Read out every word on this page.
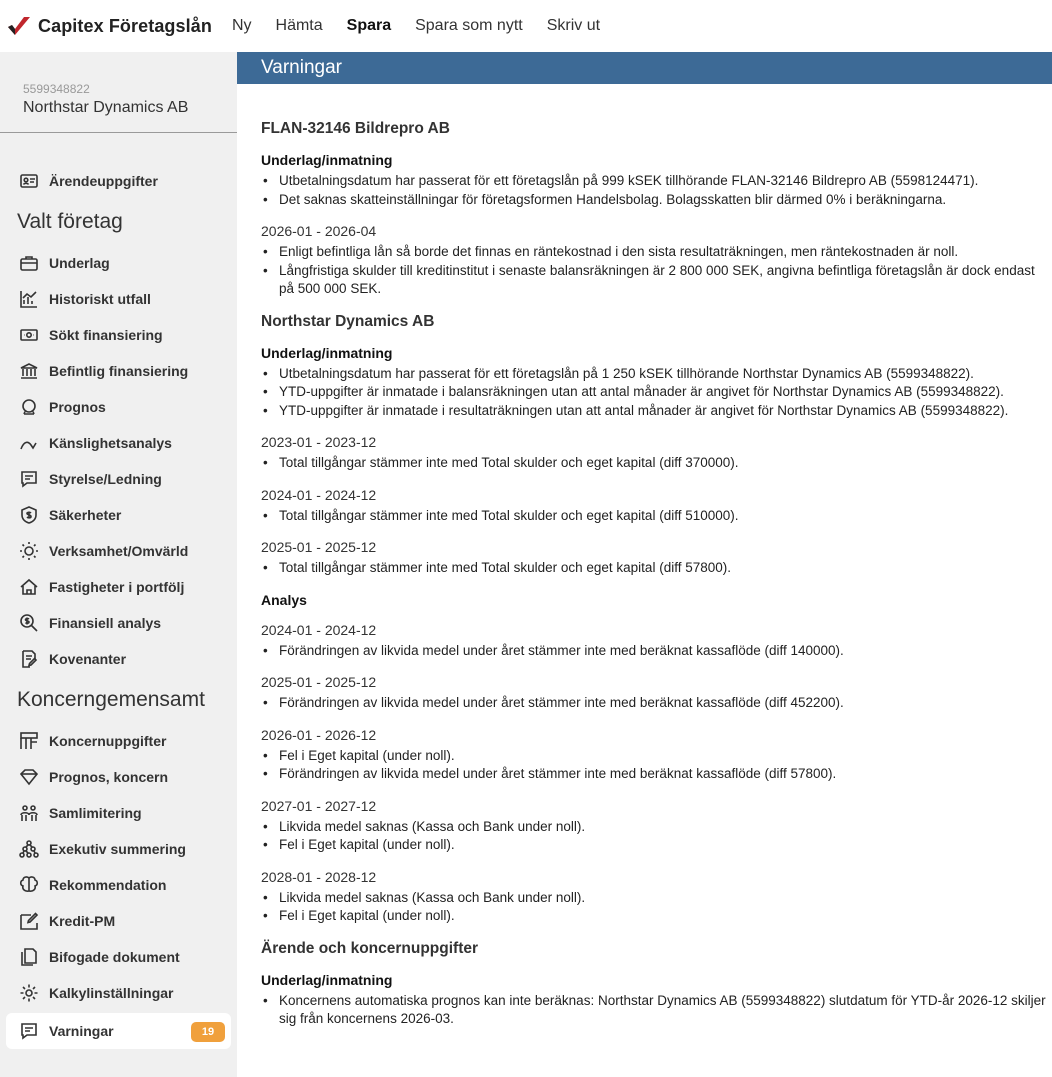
Capitex Företagslån Ny Hämta Spara Spara som nytt Skriv ut
5599348822
Northstar Dynamics AB
Ärendeuppgifter
Valt företag
Underlag
Historiskt utfall
Sökt finansiering
Befintlig finansiering
Prognos
Känslighetsanalys
Styrelse/Ledning
Säkerheter
Verksamhet/Omvärld
Fastigheter i portfölj
Finansiell analys
Kovenanter
Koncerngemensamt
Koncernuppgifter
Prognos, koncern
Samlimitering
Exekutiv summering
Rekommendation
Kredit-PM
Bifogade dokument
Kalkylinställningar
Varningar	19
Varningar
FLAN-32146 Bildrepro AB
Underlag/inmatning
• Utbetalningsdatum har passerat för ett företagslån på 999 kSEK tillhörande FLAN-32146 Bildrepro AB (5598124471).
• Det saknas skatteinställningar för företagsformen Handelsbolag. Bolagsskatten blir därmed 0% i beräkningarna.
2026-01 - 2026-04
• Enligt befintliga lån så borde det finnas en räntekostnad i den sista resultaträkningen, men räntekostnaden är noll.
• Långfristiga skulder till kreditinstitut i senaste balansräkningen är 2 800 000 SEK, angivna befintliga företagslån är dock endast på 500 000 SEK.
Northstar Dynamics AB
Underlag/inmatning
• Utbetalningsdatum har passerat för ett företagslån på 1 250 kSEK tillhörande Northstar Dynamics AB (5599348822).
• YTD-uppgifter är inmatade i balansräkningen utan att antal månader är angivet för Northstar Dynamics AB (5599348822).
• YTD-uppgifter är inmatade i resultaträkningen utan att antal månader är angivet för Northstar Dynamics AB (5599348822).
2023-01 - 2023-12
• Total tillgångar stämmer inte med Total skulder och eget kapital (diff 370000).
2024-01 - 2024-12
• Total tillgångar stämmer inte med Total skulder och eget kapital (diff 510000).
2025-01 - 2025-12
• Total tillgångar stämmer inte med Total skulder och eget kapital (diff 57800).
Analys
2024-01 - 2024-12
• Förändringen av likvida medel under året stämmer inte med beräknat kassaflöde (diff 140000).
2025-01 - 2025-12
• Förändringen av likvida medel under året stämmer inte med beräknat kassaflöde (diff 452200).
2026-01 - 2026-12
• Fel i Eget kapital (under noll).
• Förändringen av likvida medel under året stämmer inte med beräknat kassaflöde (diff 57800).
2027-01 - 2027-12
• Likvida medel saknas (Kassa och Bank under noll).
• Fel i Eget kapital (under noll).
2028-01 - 2028-12
• Likvida medel saknas (Kassa och Bank under noll).
• Fel i Eget kapital (under noll).
Ärende och koncernuppgifter
Underlag/inmatning
• Koncernens automatiska prognos kan inte beräknas: Northstar Dynamics AB (5599348822) slutdatum för YTD-år 2026-12 skiljer sig från koncernens 2026-03.
